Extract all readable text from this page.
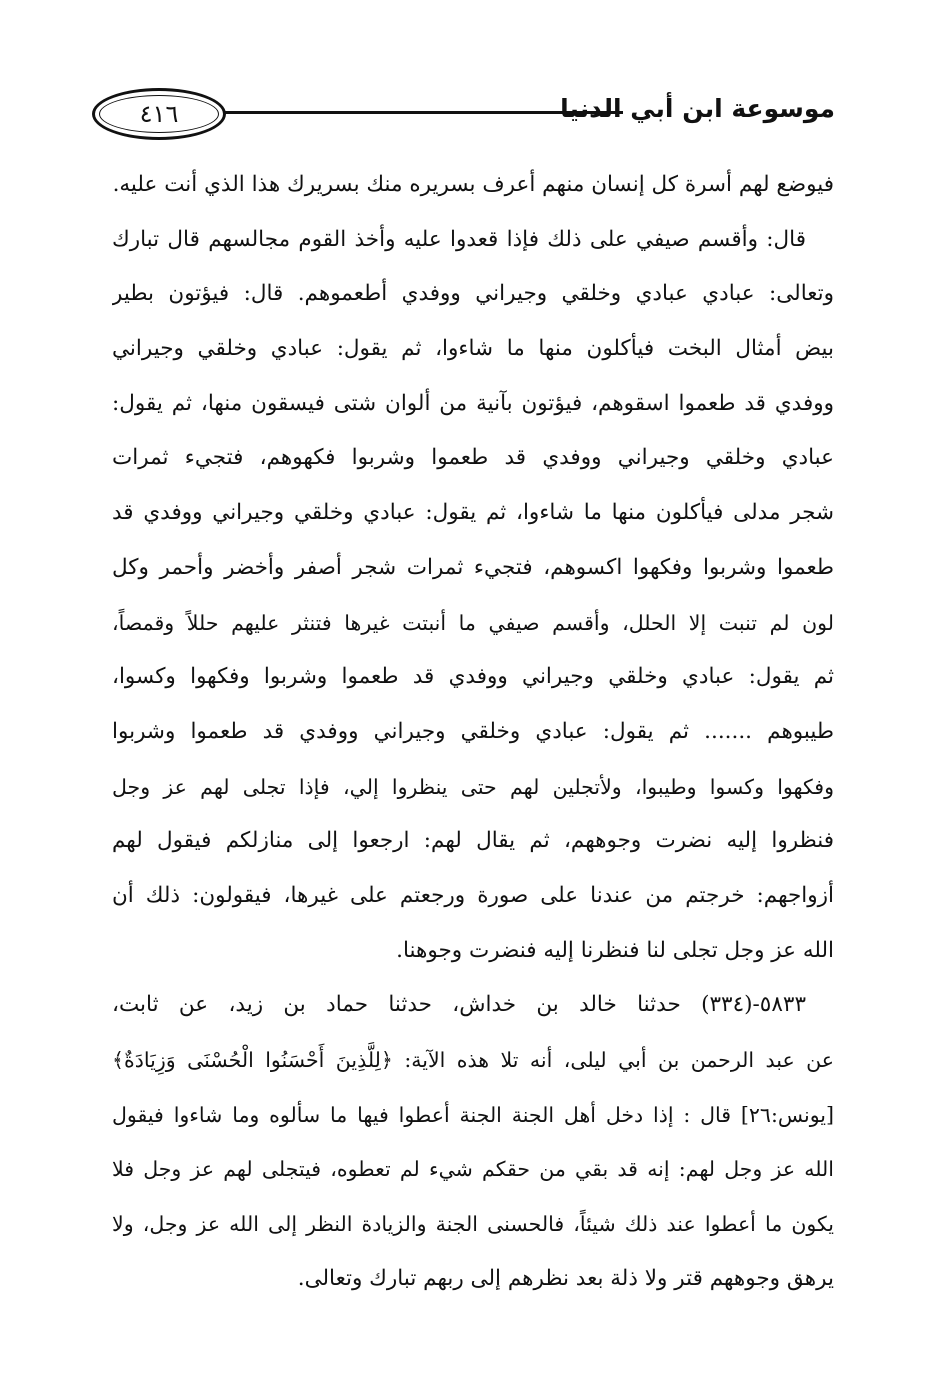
٤١٦	موسوعة ابن أبي الدنيا
فيوضع لهم أسرة كل إنسان منهم أعرف بسريره منك بسريرك هذا الذي أنت عليه.
قال: وأقسم صيفي على ذلك فإذا قعدوا عليه وأخذ القوم مجالسهم قال تبارك
وتعالى: عبادي عبادي وخلقي وجيراني ووفدي أطعموهم. قال: فيؤتون بطير
بيض أمثال البخت فيأكلون منها ما شاءوا، ثم يقول: عبادي وخلقي وجيراني
ووفدي قد طعموا اسقوهم، فيؤتون بآنية من ألوان شتى فيسقون منها، ثم يقول:
عبادي وخلقي وجيراني ووفدي قد طعموا وشربوا فكهوهم، فتجيء ثمرات
شجر مدلى فيأكلون منها ما شاءوا، ثم يقول: عبادي وخلقي وجيراني ووفدي قد
طعموا وشربوا وفكهوا اكسوهم، فتجيء ثمرات شجر أصفر وأخضر وأحمر وكل
لون لم تنبت إلا الحلل، وأقسم صيفي ما أنبتت غيرها فتنثر عليهم حللاً وقمصاً،
ثم يقول: عبادي وخلقي وجيراني ووفدي قد طعموا وشربوا وفكهوا وكسوا،
طيبوهم ....... ثم يقول: عبادي وخلقي وجيراني ووفدي قد طعموا وشربوا
وفكهوا وكسوا وطيبوا، ولأتجلين لهم حتى ينظروا إلي، فإذا تجلى لهم عز وجل
فنظروا إليه نضرت وجوههم، ثم يقال لهم: ارجعوا إلى منازلكم فيقول لهم
أزواجهم: خرجتم من عندنا على صورة ورجعتم على غيرها، فيقولون: ذلك أن
الله عز وجل تجلى لنا فنظرنا إليه فنضرت وجوهنا.
٥٨٣٣-(٣٣٤) حدثنا خالد بن خداش، حدثنا حماد بن زيد، عن ثابت،
عن عبد الرحمن بن أبي ليلى، أنه تلا هذه الآية: ﴿لِلَّذِينَ أَحْسَنُوا الْحُسْنَى وَزِيَادَةٌ﴾
[يونس:٢٦] قال : إذا دخل أهل الجنة الجنة أعطوا فيها ما سألوه وما شاءوا فيقول
الله عز وجل لهم: إنه قد بقي من حقكم شيء لم تعطوه، فيتجلى لهم عز وجل فلا
يكون ما أعطوا عند ذلك شيئاً، فالحسنى الجنة والزيادة النظر إلى الله عز وجل، ولا
يرهق وجوههم قتر ولا ذلة بعد نظرهم إلى ربهم تبارك وتعالى.
